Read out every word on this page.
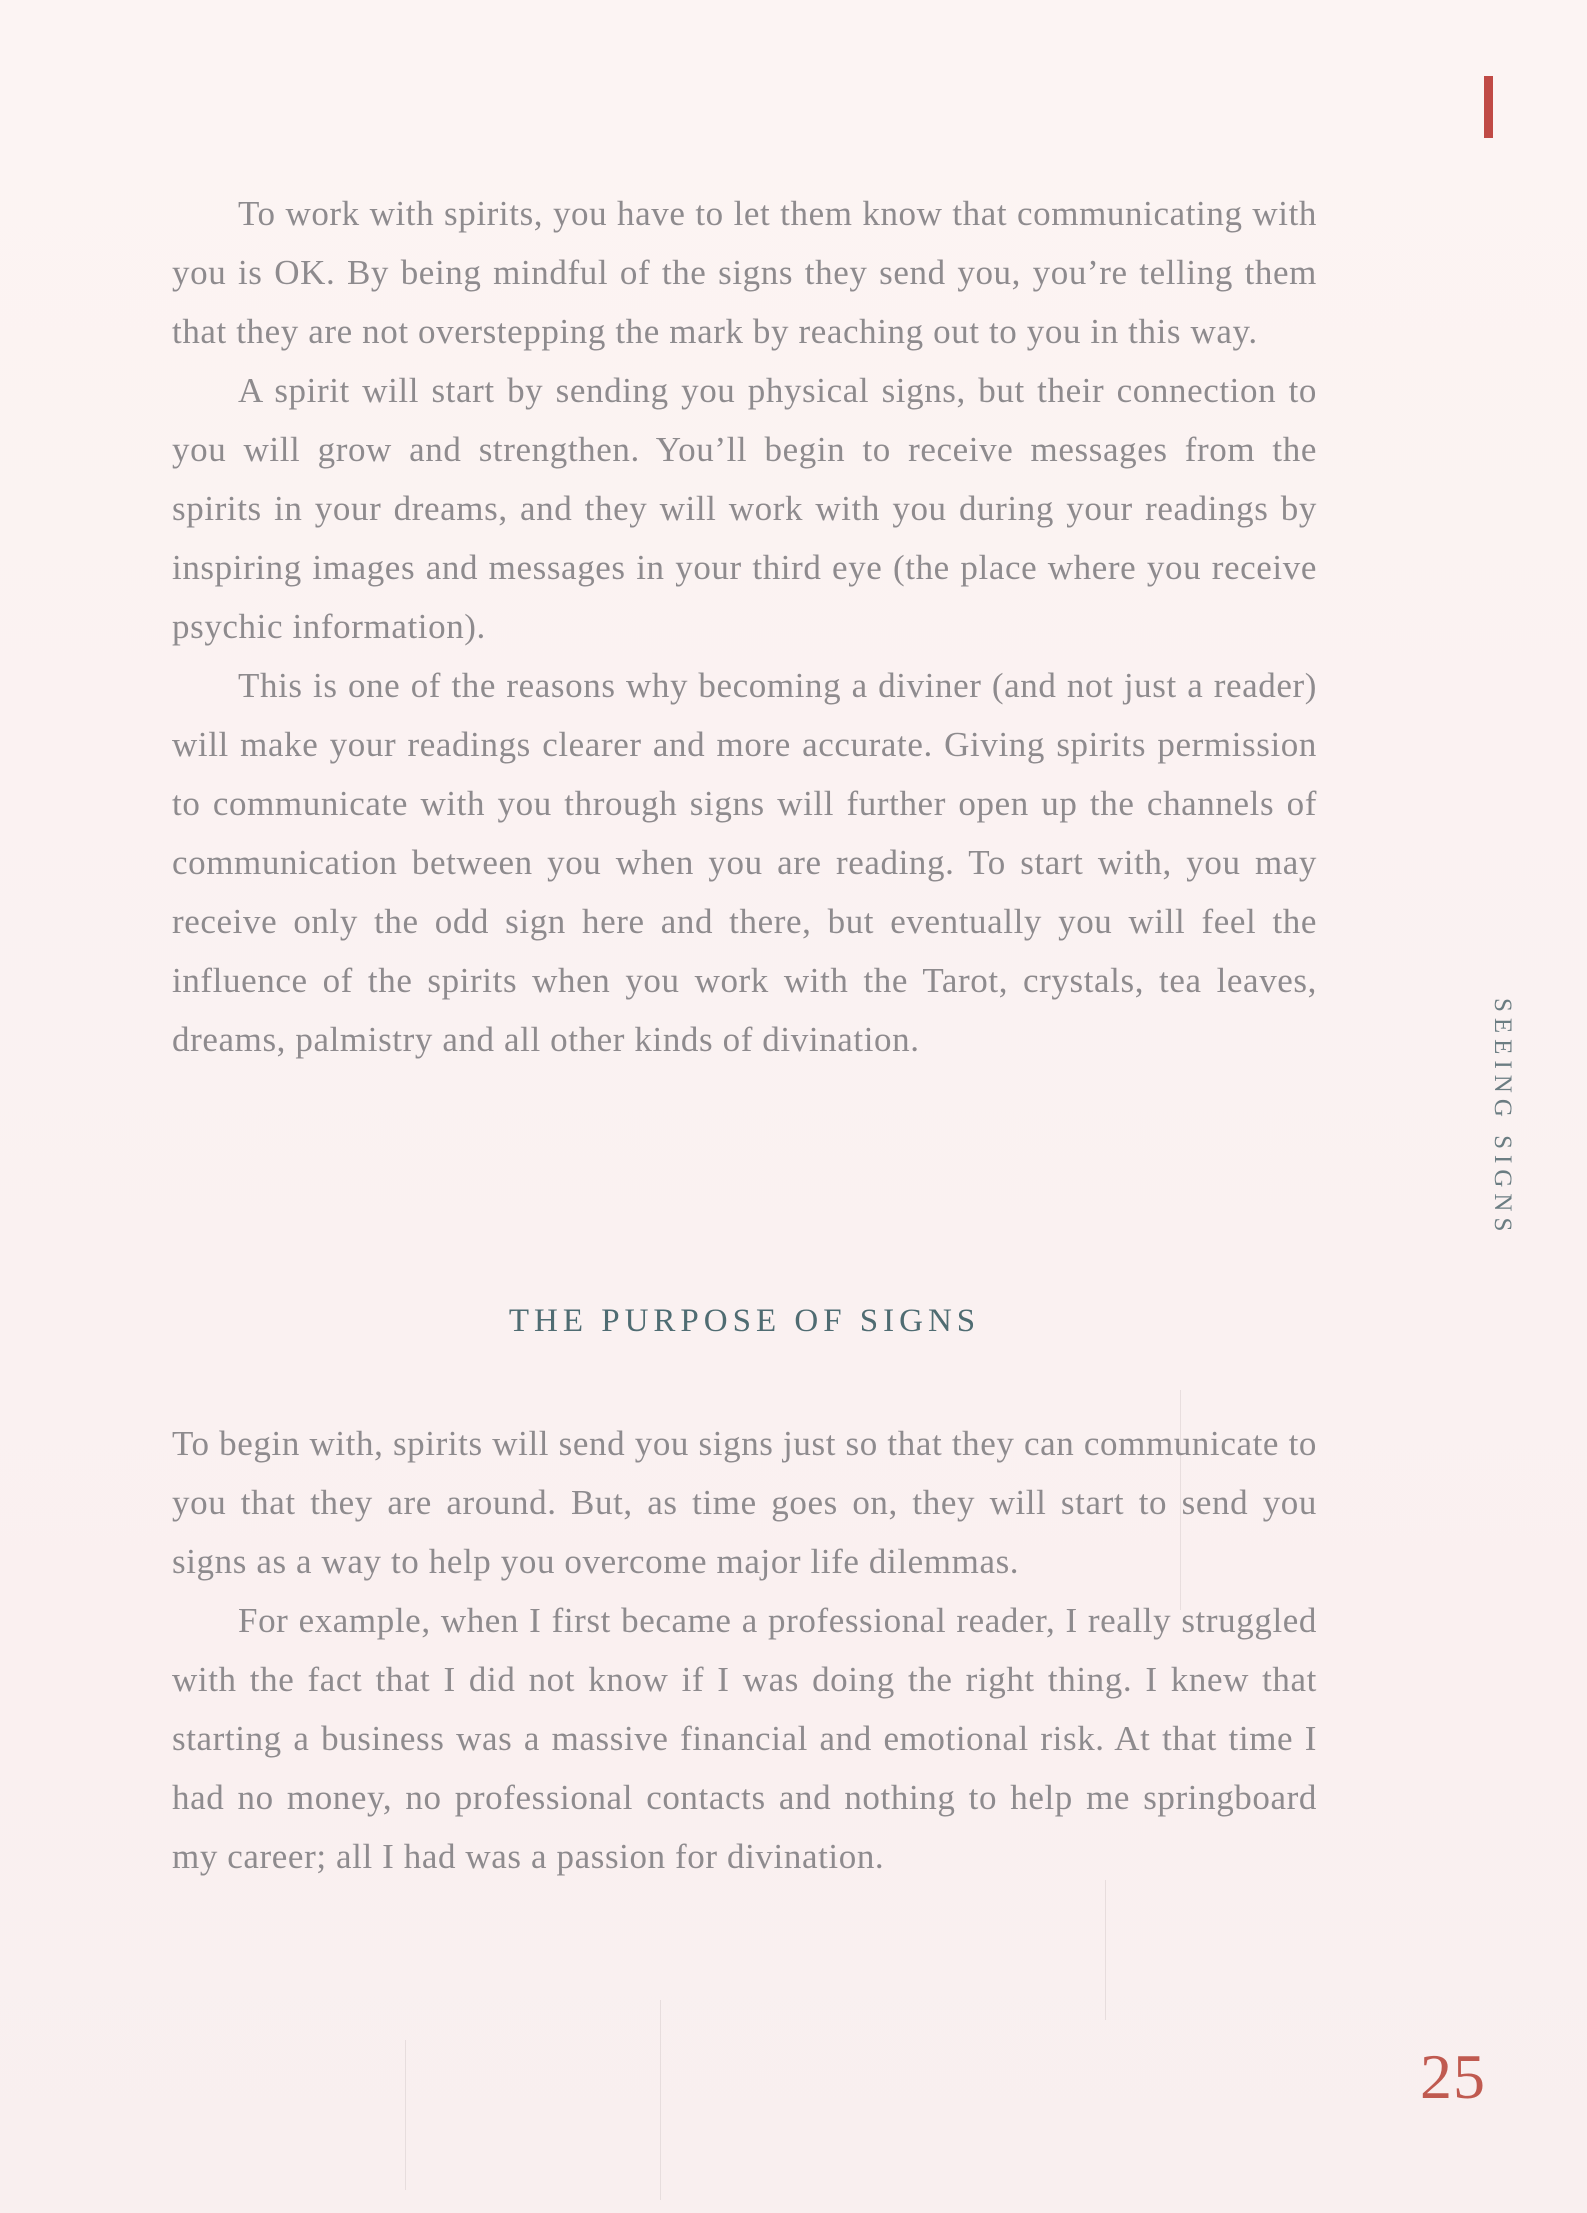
To work with spirits, you have to let them know that communicating with you is OK. By being mindful of the signs they send you, you’re telling them that they are not overstepping the mark by reaching out to you in this way.

A spirit will start by sending you physical signs, but their connection to you will grow and strengthen. You’ll begin to receive messages from the spirits in your dreams, and they will work with you during your readings by inspiring images and messages in your third eye (the place where you receive psychic information).

This is one of the reasons why becoming a diviner (and not just a reader) will make your readings clearer and more accurate. Giving spirits permission to communicate with you through signs will further open up the channels of communication between you when you are reading. To start with, you may receive only the odd sign here and there, but eventually you will feel the influence of the spirits when you work with the Tarot, crystals, tea leaves, dreams, palmistry and all other kinds of divination.

THE PURPOSE OF SIGNS

To begin with, spirits will send you signs just so that they can communicate to you that they are around. But, as time goes on, they will start to send you signs as a way to help you overcome major life dilemmas.

For example, when I first became a professional reader, I really struggled with the fact that I did not know if I was doing the right thing. I knew that starting a business was a massive financial and emotional risk. At that time I had no money, no professional contacts and nothing to help me springboard my career; all I had was a passion for divination.

SEEING SIGNS
25
